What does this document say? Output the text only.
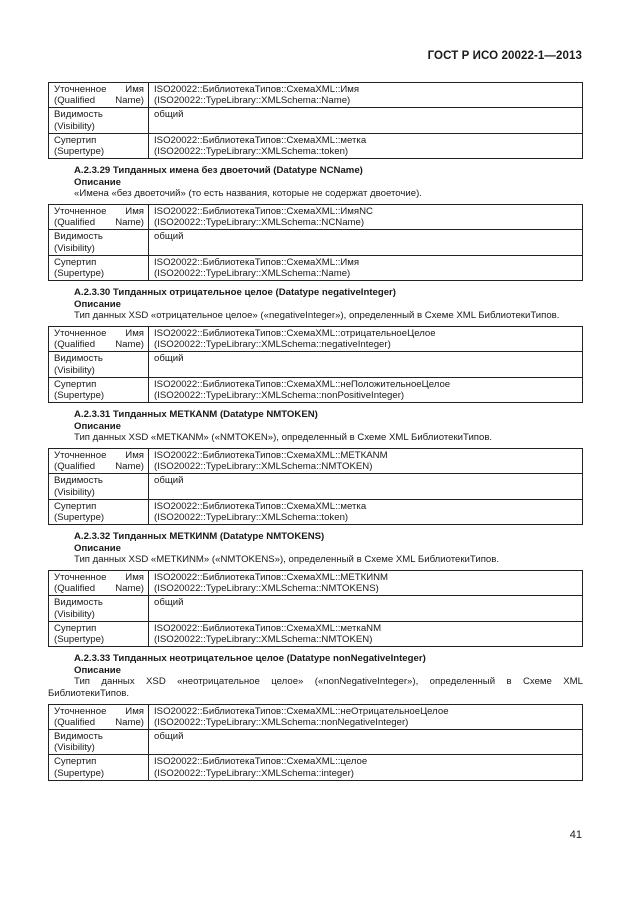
ГОСТ Р ИСО 20022-1—2013
Уточненное Имя
(Qualified Name)	ISO20022::БиблиотекаТипов::СхемаXML::Имя
(ISO20022::TypeLibrary::XMLSchema::Name)

Видимость
(Visibility)	общий

Супертип
(Supertype)	ISO20022::БиблиотекаТипов::СхемаXML::метка
(ISO20022::TypeLibrary::XMLSchema::token)
A.2.3.29 Типданных имена без двоеточий (Datatype NCName)
Описание
«Имена «без двоеточий» (то есть названия, которые не содержат двоеточие).
Уточненное Имя
(Qualified Name)	ISO20022::БиблиотекаТипов::СхемаXML::ИмяNC
(ISO20022::TypeLibrary::XMLSchema::NCName)

Видимость
(Visibility)	общий

Супертип
(Supertype)	ISO20022::БиблиотекаТипов::СхемаXML::Имя
(ISO20022::TypeLibrary::XMLSchema::Name)
A.2.3.30 Типданных отрицательное целое (Datatype negativeInteger)
Описание
Тип данных XSD «отрицательное целое» («negativeInteger»), определенный в Схеме XML БиблиотекиТипов.
Уточненное Имя
(Qualified Name)	ISO20022::БиблиотекаТипов::СхемаXML::отрицательноеЦелое
(ISO20022::TypeLibrary::XMLSchema::negativeInteger)

Видимость
(Visibility)	общий

Супертип
(Supertype)	ISO20022::БиблиотекаТипов::СхемаXML::неПоложительноеЦелое
(ISO20022::TypeLibrary::XMLSchema::nonPositiveInteger)
A.2.3.31 Типданных МЕТКАNM (Datatype NMTOKEN)
Описание
Тип данных XSD «МЕТКАNM» («NMTOKEN»), определенный в Схеме XML БиблиотекиТипов.
Уточненное Имя
(Qualified Name)	ISO20022::БиблиотекаТипов::СхемаXML::МЕТКАNM
(ISO20022::TypeLibrary::XMLSchema::NMTOKEN)

Видимость
(Visibility)	общий

Супертип
(Supertype)	ISO20022::БиблиотекаТипов::СхемаXML::метка
(ISO20022::TypeLibrary::XMLSchema::token)
A.2.3.32 Типданных МЕТКИNM (Datatype NMTOKENS)
Описание
Тип данных XSD «МЕТКИNM» («NMTOKENS»), определенный в Схеме XML БиблиотекиТипов.
Уточненное Имя
(Qualified Name)	ISO20022::БиблиотекаТипов::СхемаXML::МЕТКИNM
(ISO20022::TypeLibrary::XMLSchema::NMTOKENS)

Видимость
(Visibility)	общий

Супертип
(Supertype)	ISO20022::БиблиотекаТипов::СхемаXML::меткаNM
(ISO20022::TypeLibrary::XMLSchema::NMTOKEN)
A.2.3.33 Типданных неотрицательное целое (Datatype nonNegativeInteger)
Описание
Тип данных XSD «неотрицательное целое» («nonNegativeInteger»), определенный в Схеме XML БиблиотекиТипов.
Уточненное Имя
(Qualified Name)	ISO20022::БиблиотекаТипов::СхемаXML::неОтрицательноеЦелое
(ISO20022::TypeLibrary::XMLSchema::nonNegativeInteger)

Видимость
(Visibility)	общий

Супертип
(Supertype)	ISO20022::БиблиотекаТипов::СхемаXML::целое
(ISO20022::TypeLibrary::XMLSchema::integer)
41
